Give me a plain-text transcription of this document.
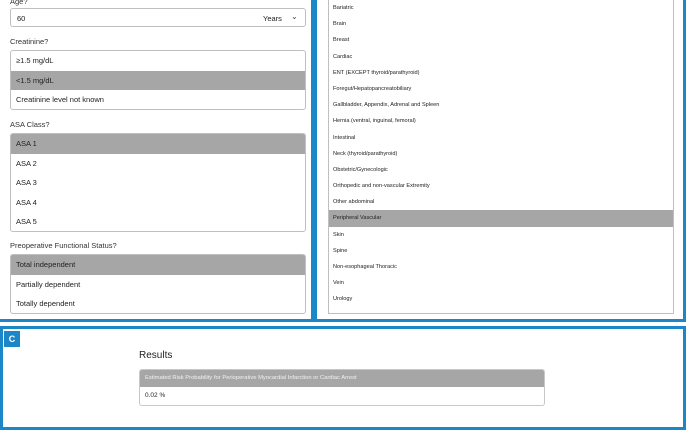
Age?
60	Years ⌄
Creatinine?
≥1.5 mg/dL
<1.5 mg/dL
Creatinine level not known
ASA Class?
ASA 1
ASA 2
ASA 3
ASA 4
ASA 5
Preoperative Functional Status?
Total independent
Partially dependent
Totally dependent
Bariatric
Brain
Breast
Cardiac
ENT (EXCEPT thyroid/parathyroid)
Foregut/Hepatopancreatobiliary
Gallbladder, Appendix, Adrenal and Spleen
Hernia (ventral, inguinal, femoral)
Intestinal
Neck (thyroid/parathyroid)
Obstetric/Gynecologic
Orthopedic and non-vascular Extremity
Other abdominal
Peripheral Vascular
Skin
Spine
Non-esophageal Thoracic
Vein
Urology
C
Results
Estimated Risk Probability for Perioperative Myocardial Infarction or Cardiac Arrest
0.02 %
